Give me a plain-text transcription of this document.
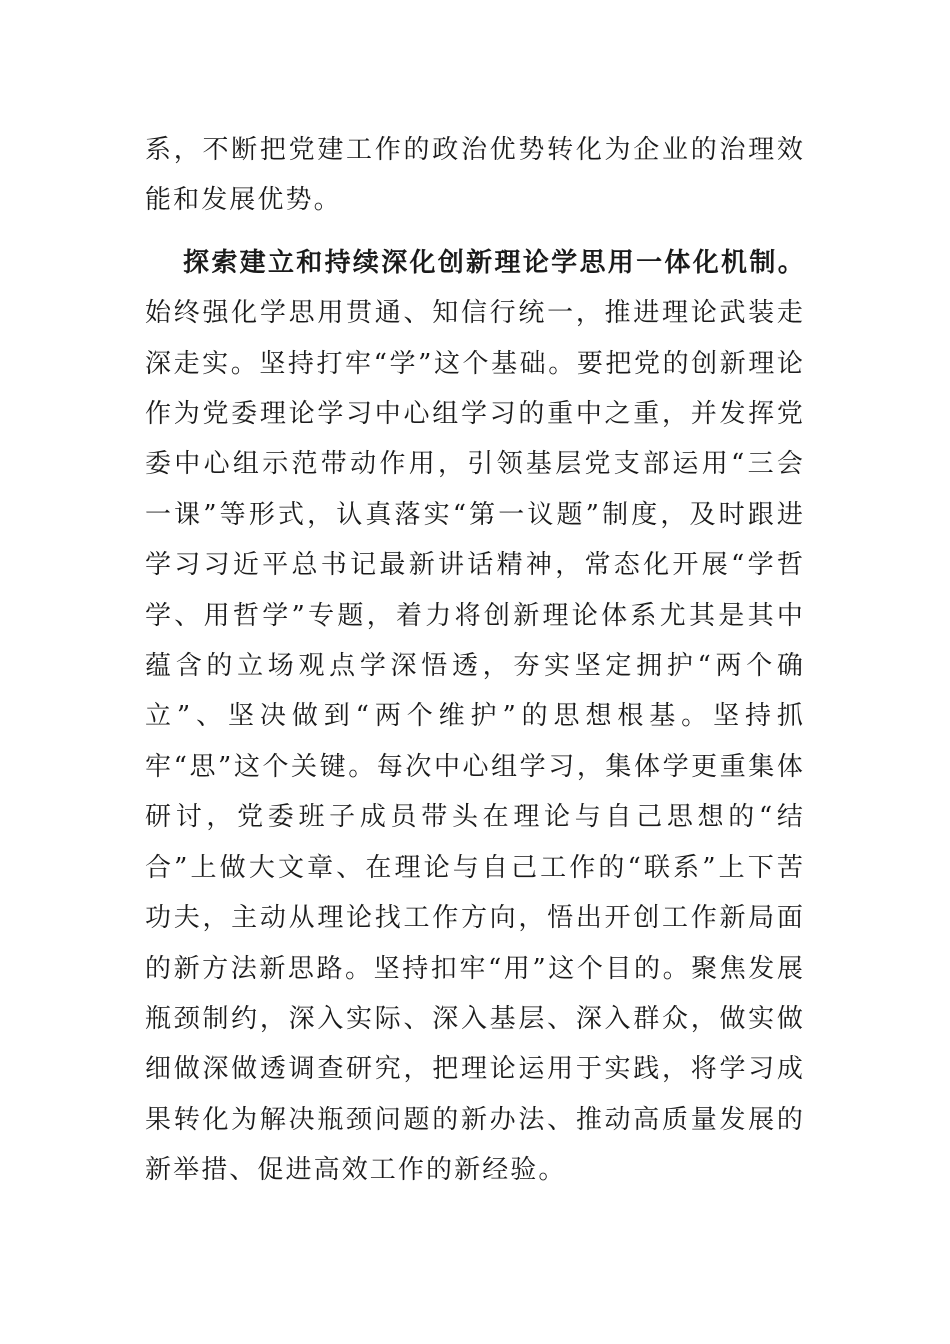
系，不断把党建工作的政治优势转化为企业的治理效能和发展优势。

探索建立和持续深化创新理论学思用一体化机制。始终强化学思用贯通、知信行统一，推进理论武装走深走实。坚持打牢“学”这个基础。要把党的创新理论作为党委理论学习中心组学习的重中之重，并发挥党委中心组示范带动作用，引领基层党支部运用“三会一课”等形式，认真落实“第一议题”制度，及时跟进学习习近平总书记最新讲话精神，常态化开展“学哲学、用哲学”专题，着力将创新理论体系尤其是其中蕴含的立场观点学深悟透，夯实坚定拥护“两个确立”、坚决做到“两个维护”的思想根基。坚持抓牢“思”这个关键。每次中心组学习，集体学更重集体研讨，党委班子成员带头在理论与自己思想的“结合”上做大文章、在理论与自己工作的“联系”上下苦功夫，主动从理论找工作方向，悟出开创工作新局面的新方法新思路。坚持扣牢“用”这个目的。聚焦发展瓶颈制约，深入实际、深入基层、深入群众，做实做细做深做透调查研究，把理论运用于实践，将学习成果转化为解决瓶颈问题的新办法、推动高质量发展的新举措、促进高效工作的新经验。
